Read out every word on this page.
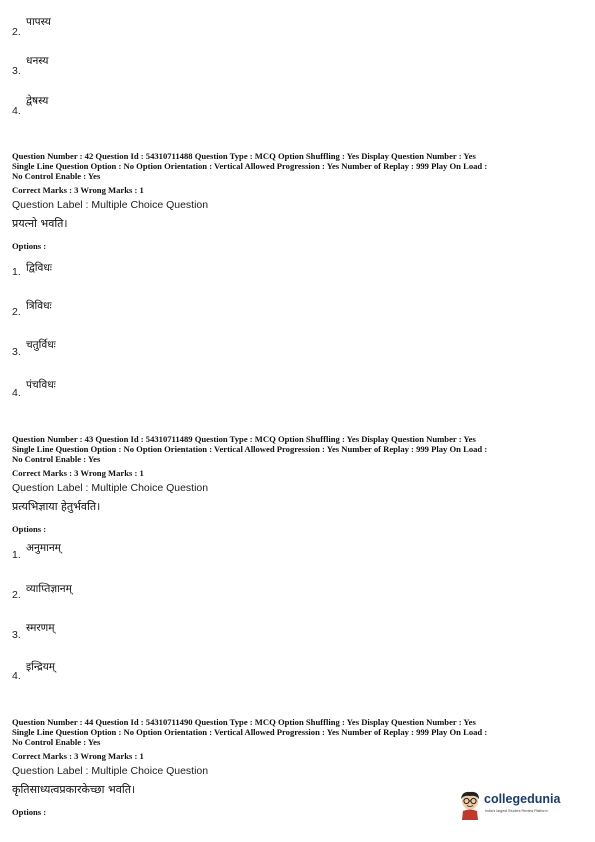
2.
पापस्य
3.
धनस्य
4.
द्वेषस्य
Question Number : 42 Question Id : 54310711488 Question Type : MCQ Option Shuffling : Yes Display Question Number : Yes
Single Line Question Option : No Option Orientation : Vertical Allowed Progression : Yes Number of Replay : 999 Play On Load :
No Control Enable : Yes
Correct Marks : 3 Wrong Marks : 1
Question Label : Multiple Choice Question
प्रयत्नो भवति।
Options :
1. द्विविधः
2. त्रिविधः
3.
चतुर्विधः
4.
पंचविधः
Question Number : 43 Question Id : 54310711489 Question Type : MCQ Option Shuffling : Yes Display Question Number : Yes
Single Line Question Option : No Option Orientation : Vertical Allowed Progression : Yes Number of Replay : 999 Play On Load :
No Control Enable : Yes
Correct Marks : 3 Wrong Marks : 1
Question Label : Multiple Choice Question
प्रत्यभिज्ञाया हेतुर्भवति।
Options :
1.
अनुमानम्
2. व्याप्तिज्ञानम्
3.
स्मरणम्
4.
इन्द्रियम्
Question Number : 44 Question Id : 54310711490 Question Type : MCQ Option Shuffling : Yes Display Question Number : Yes
Single Line Question Option : No Option Orientation : Vertical Allowed Progression : Yes Number of Replay : 999 Play On Load :
No Control Enable : Yes
Correct Marks : 3 Wrong Marks : 1
Question Label : Multiple Choice Question
कृतिसाध्यत्वप्रकारकेच्छा भवति।
Options :
collegedunia
India's largest Student Review Platform
